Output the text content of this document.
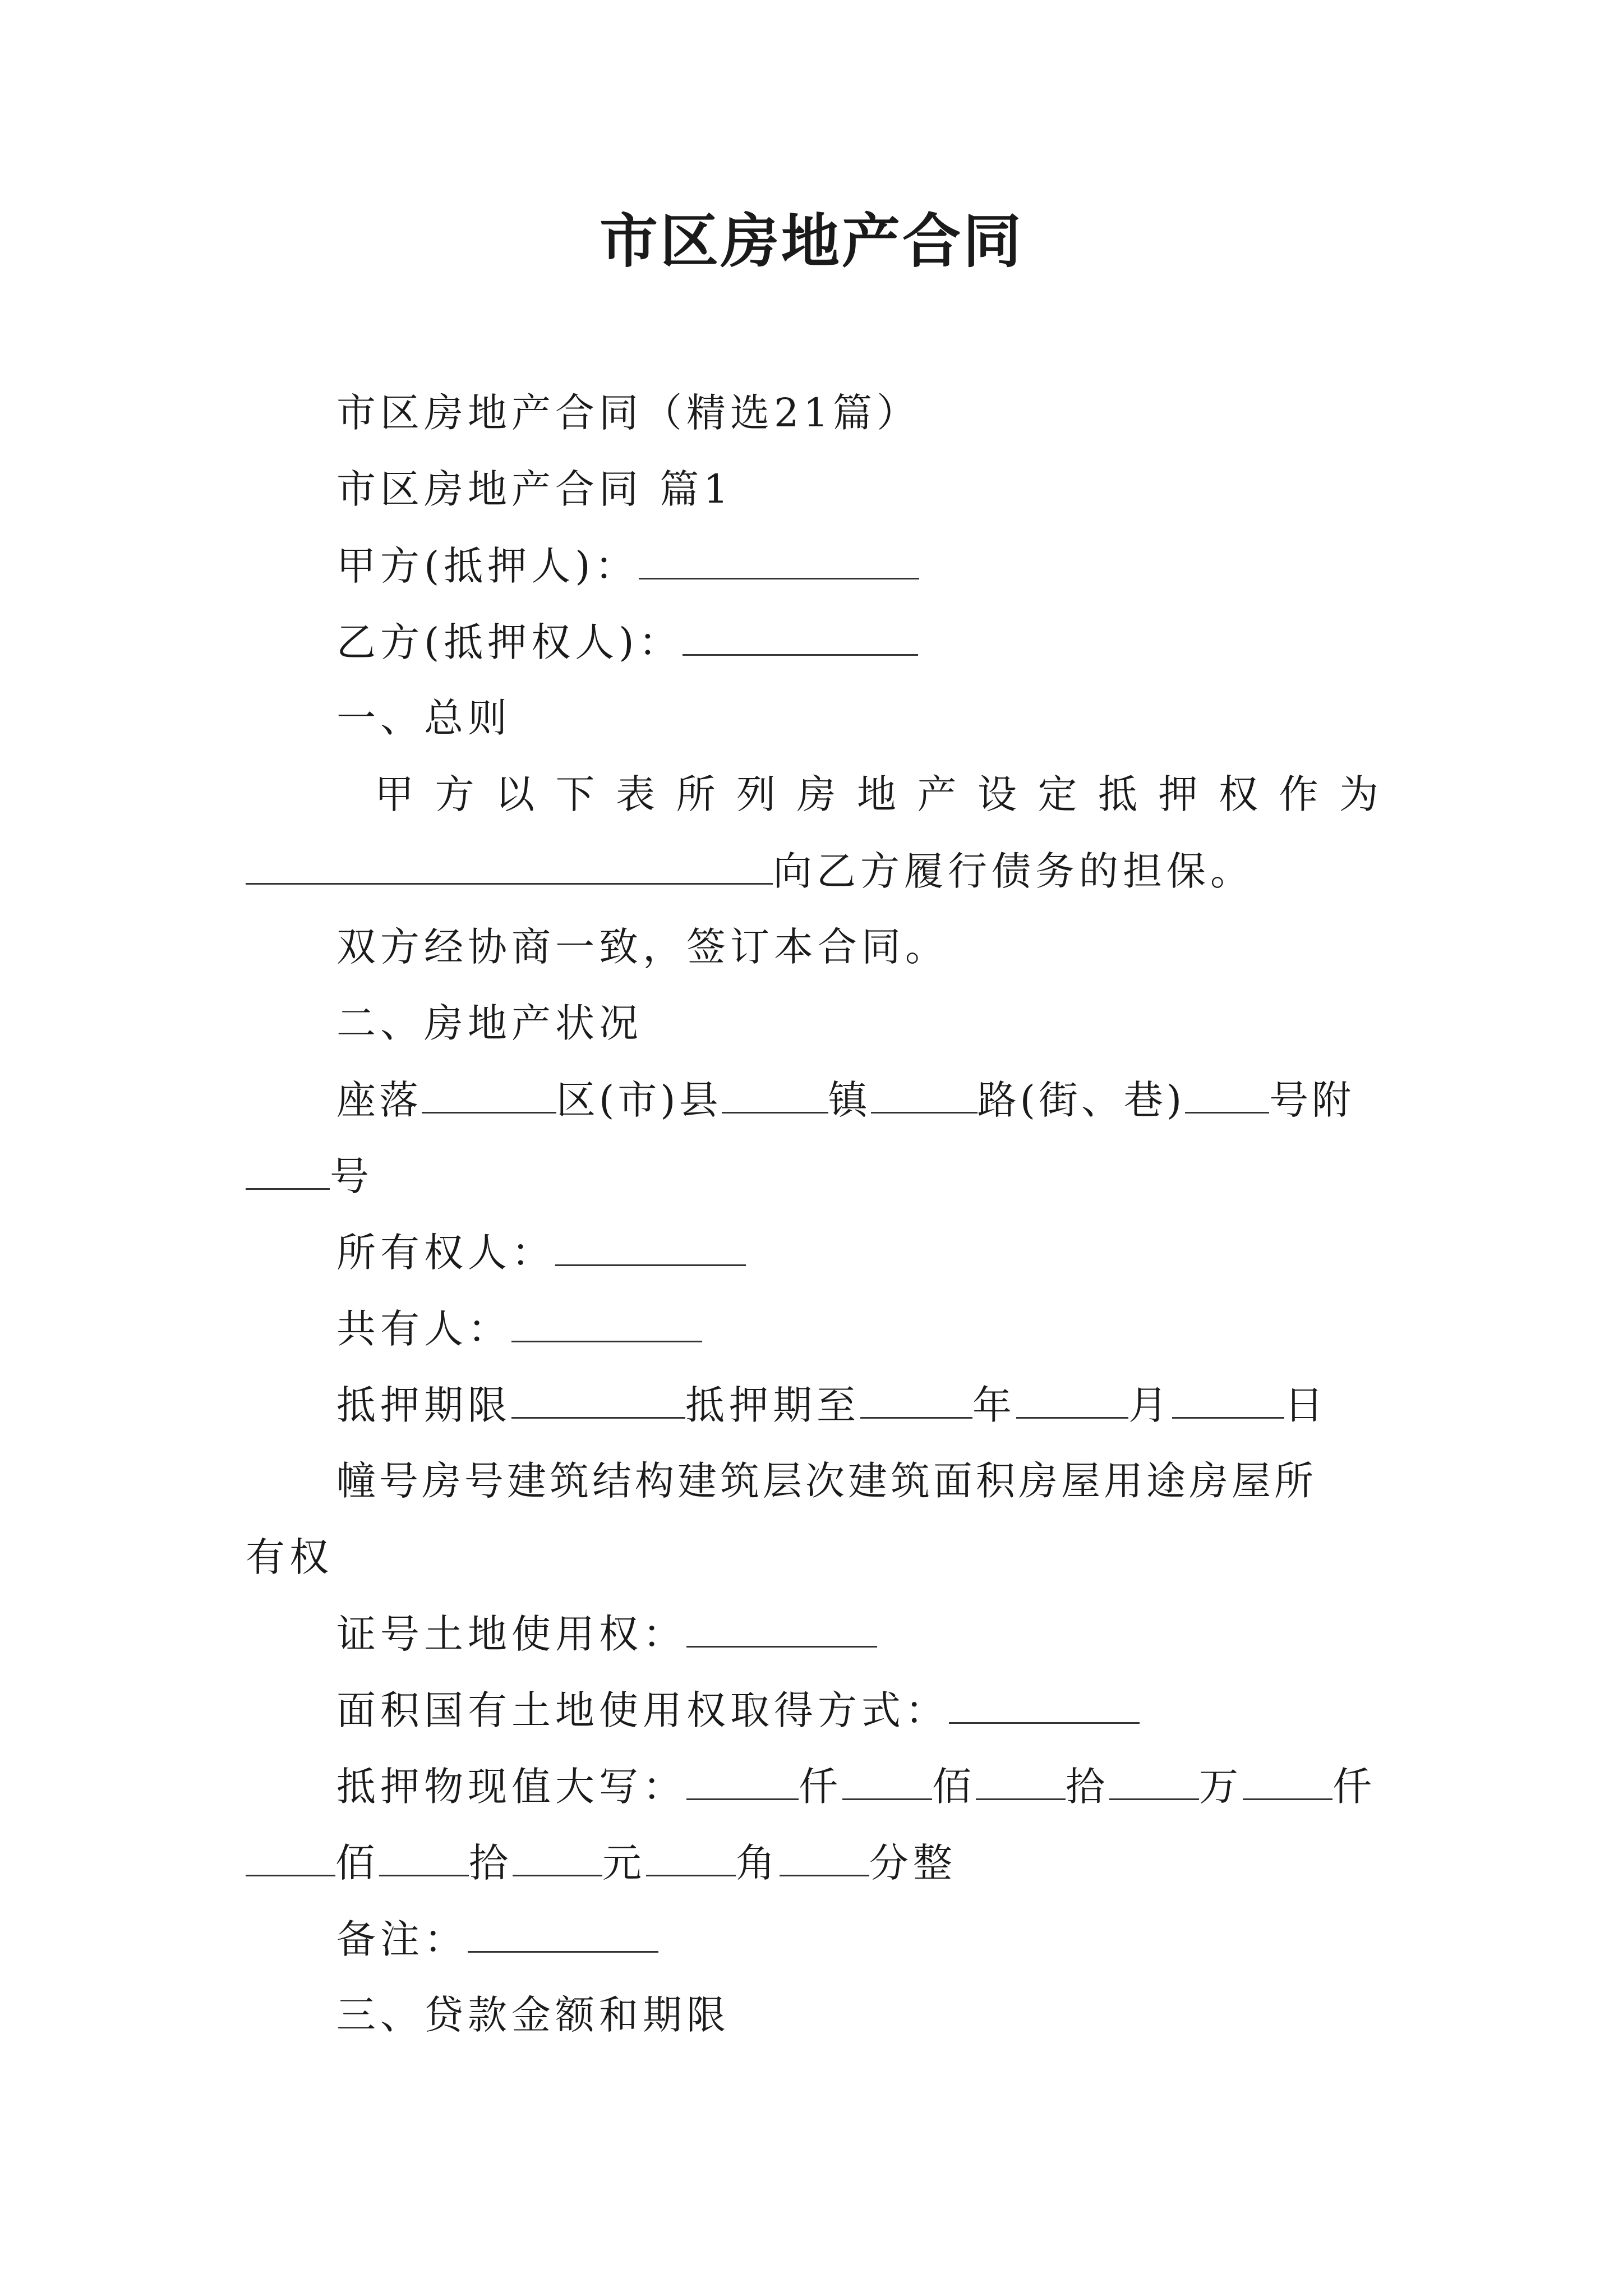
市区房地产合同
市区房地产合同（精选21篇）
市区房地产合同 篇1
甲方(抵押人)：
乙方(抵押权人)：
一、总则
甲 方 以 下 表 所 列 房 地 产 设 定 抵 押 权 作 为
向乙方履行债务的担保。
双方经协商一致，签订本合同。
二、房地产状况
座落	区(市)县	镇	路(街、巷) 号附
号
所有权人：
共有人：
抵押期限	抵押期至	年	月	日
幢号房号建筑结构建筑层次建筑面积房屋用途房屋所
有权
证号土地使用权：
面积国有土地使用权取得方式：
抵押物现值大写：	仟 佰 拾 万 仟
佰 拾 元 角 分整
备注：
三、贷款金额和期限
